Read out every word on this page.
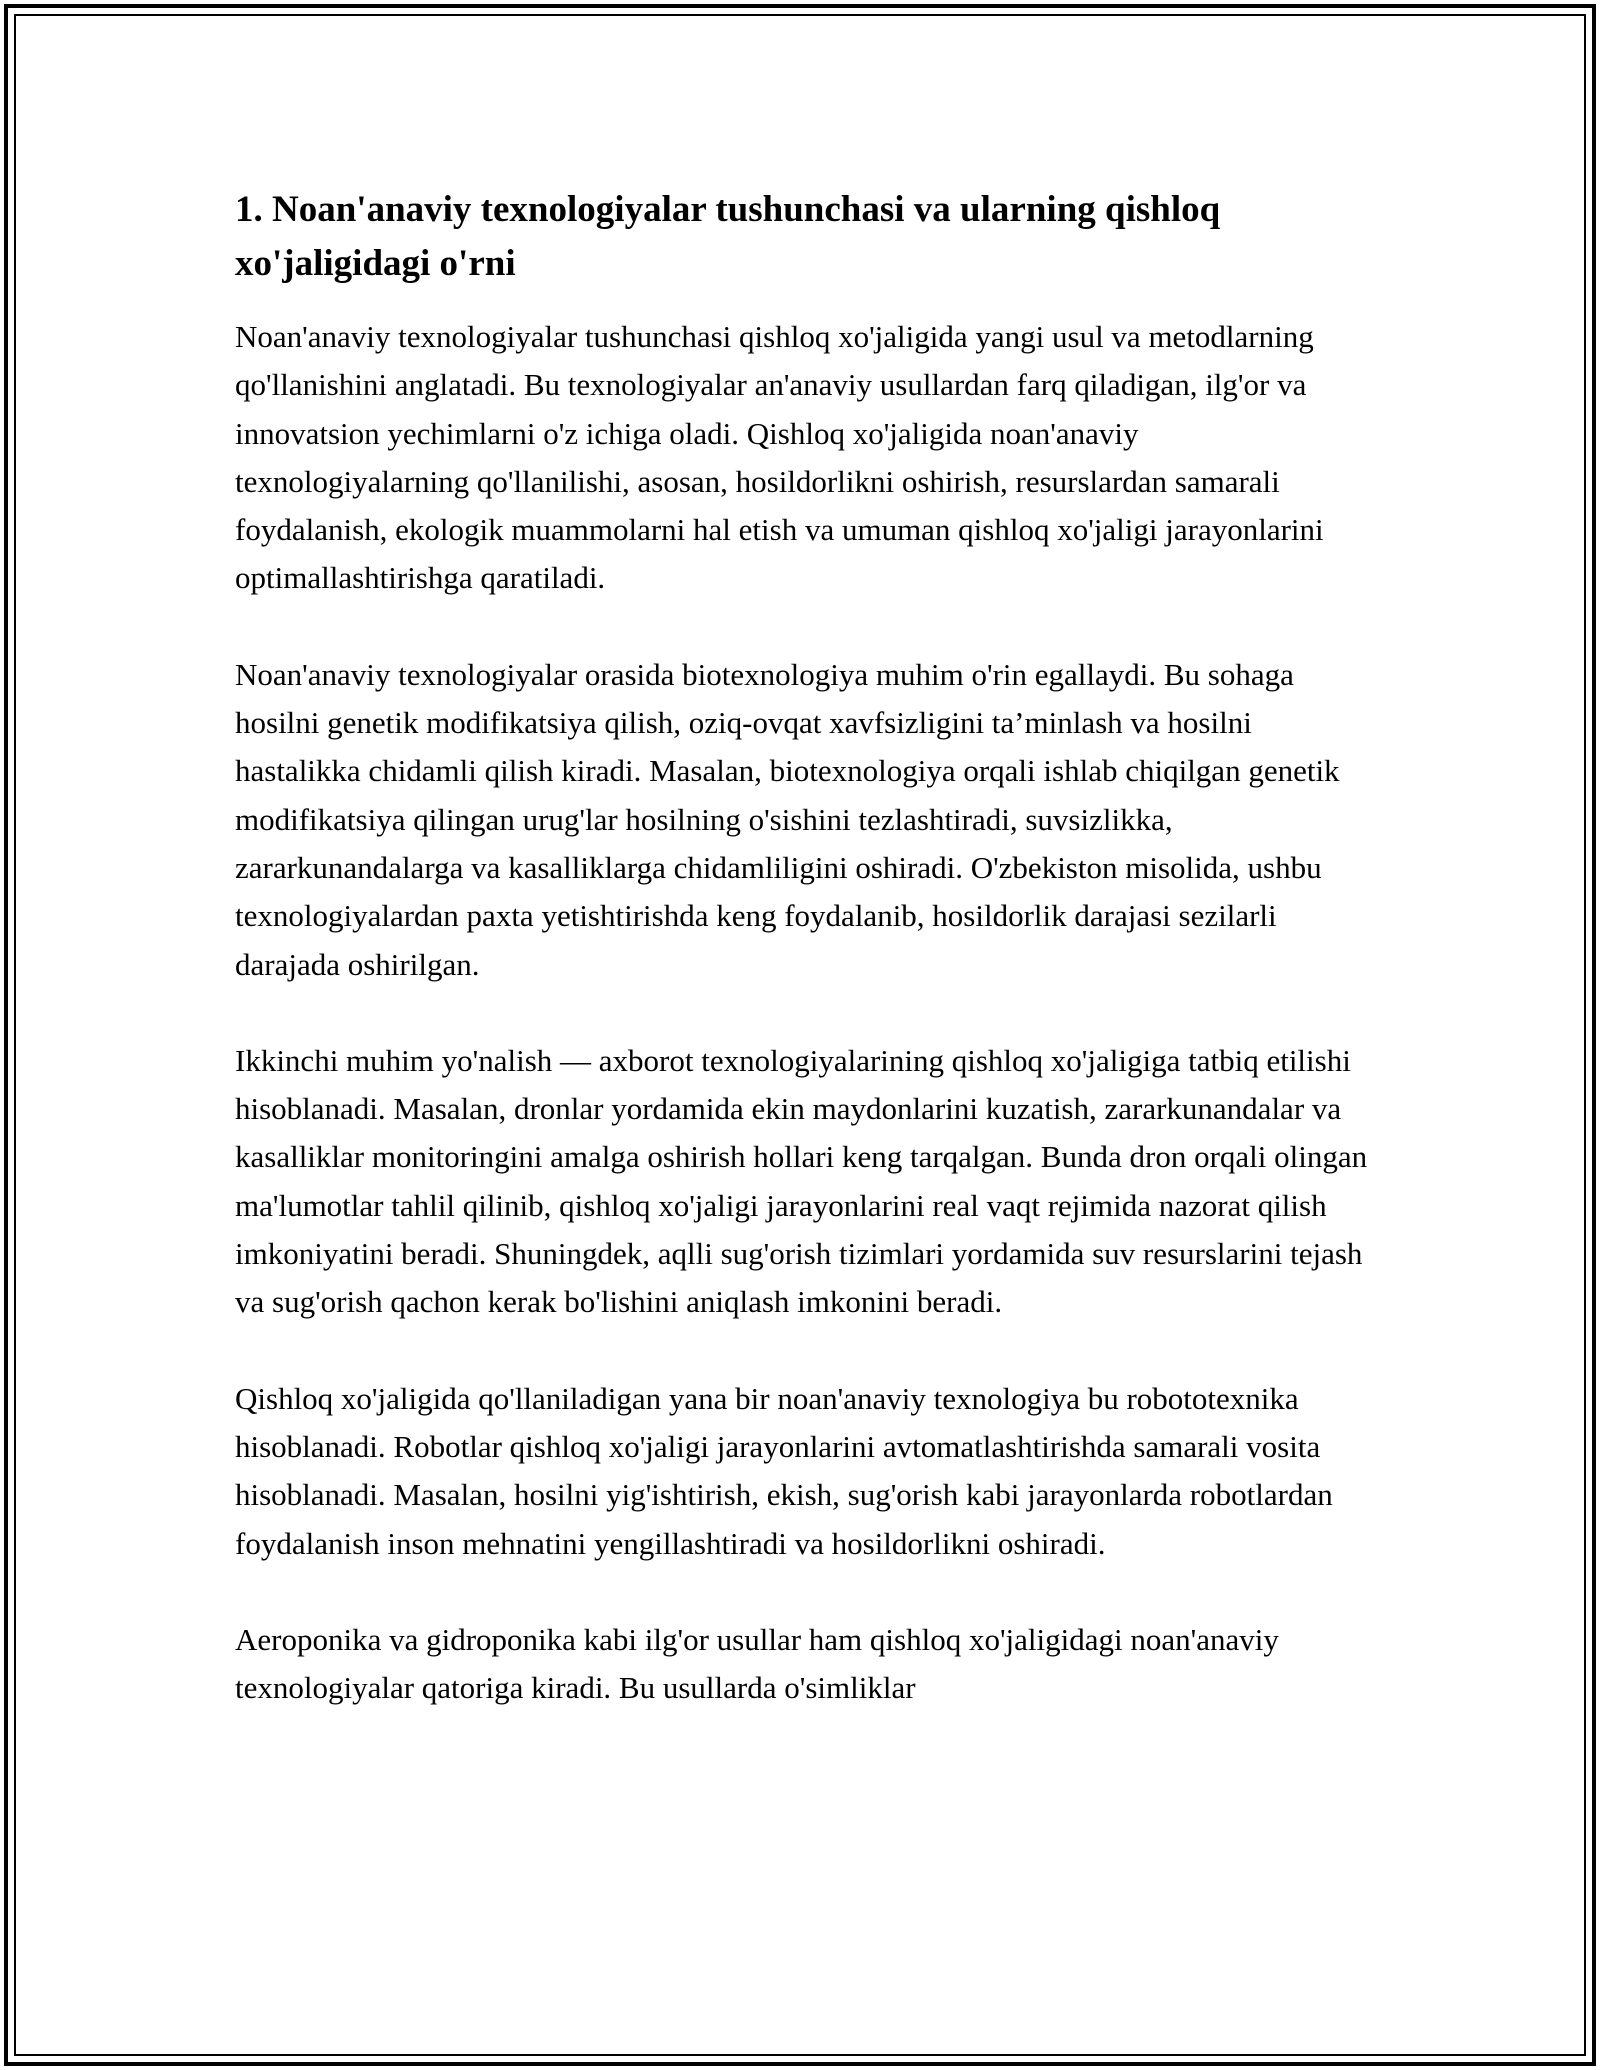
1. Noan'anaviy texnologiyalar tushunchasi va ularning qishloq xo'jaligidagi o'rni

Noan'anaviy texnologiyalar tushunchasi qishloq xo'jaligida yangi usul va metodlarning qo'llanishini anglatadi. Bu texnologiyalar an'anaviy usullardan farq qiladigan, ilg'or va innovatsion yechimlarni o'z ichiga oladi. Qishloq xo'jaligida noan'anaviy texnologiyalarning qo'llanilishi, asosan, hosildorlikni oshirish, resurslardan samarali foydalanish, ekologik muammolarni hal etish va umuman qishloq xo'jaligi jarayonlarini optimallashtirishga qaratiladi.

Noan'anaviy texnologiyalar orasida biotexnologiya muhim o'rin egallaydi. Bu sohaga hosilni genetik modifikatsiya qilish, oziq-ovqat xavfsizligini ta’minlash va hosilni hastalikka chidamli qilish kiradi. Masalan, biotexnologiya orqali ishlab chiqilgan genetik modifikatsiya qilingan urug'lar hosilning o'sishini tezlashtiradi, suvsizlikka, zararkunandalarga va kasalliklarga chidamliligini oshiradi. O'zbekiston misolida, ushbu texnologiyalardan paxta yetishtirishda keng foydalanib, hosildorlik darajasi sezilarli darajada oshirilgan.

Ikkinchi muhim yo'nalish — axborot texnologiyalarining qishloq xo'jaligiga tatbiq etilishi hisoblanadi. Masalan, dronlar yordamida ekin maydonlarini kuzatish, zararkunandalar va kasalliklar monitoringini amalga oshirish hollari keng tarqalgan. Bunda dron orqali olingan ma'lumotlar tahlil qilinib, qishloq xo'jaligi jarayonlarini real vaqt rejimida nazorat qilish imkoniyatini beradi. Shuningdek, aqlli sug'orish tizimlari yordamida suv resurslarini tejash va sug'orish qachon kerak bo'lishini aniqlash imkonini beradi.

Qishloq xo'jaligida qo'llaniladigan yana bir noan'anaviy texnologiya bu robototexnika hisoblanadi. Robotlar qishloq xo'jaligi jarayonlarini avtomatlashtirishda samarali vosita hisoblanadi. Masalan, hosilni yig'ishtirish, ekish, sug'orish kabi jarayonlarda robotlardan foydalanish inson mehnatini yengillashtiradi va hosildorlikni oshiradi.

Aeroponika va gidroponika kabi ilg'or usullar ham qishloq xo'jaligidagi noan'anaviy texnologiyalar qatoriga kiradi. Bu usullarda o'simliklar
